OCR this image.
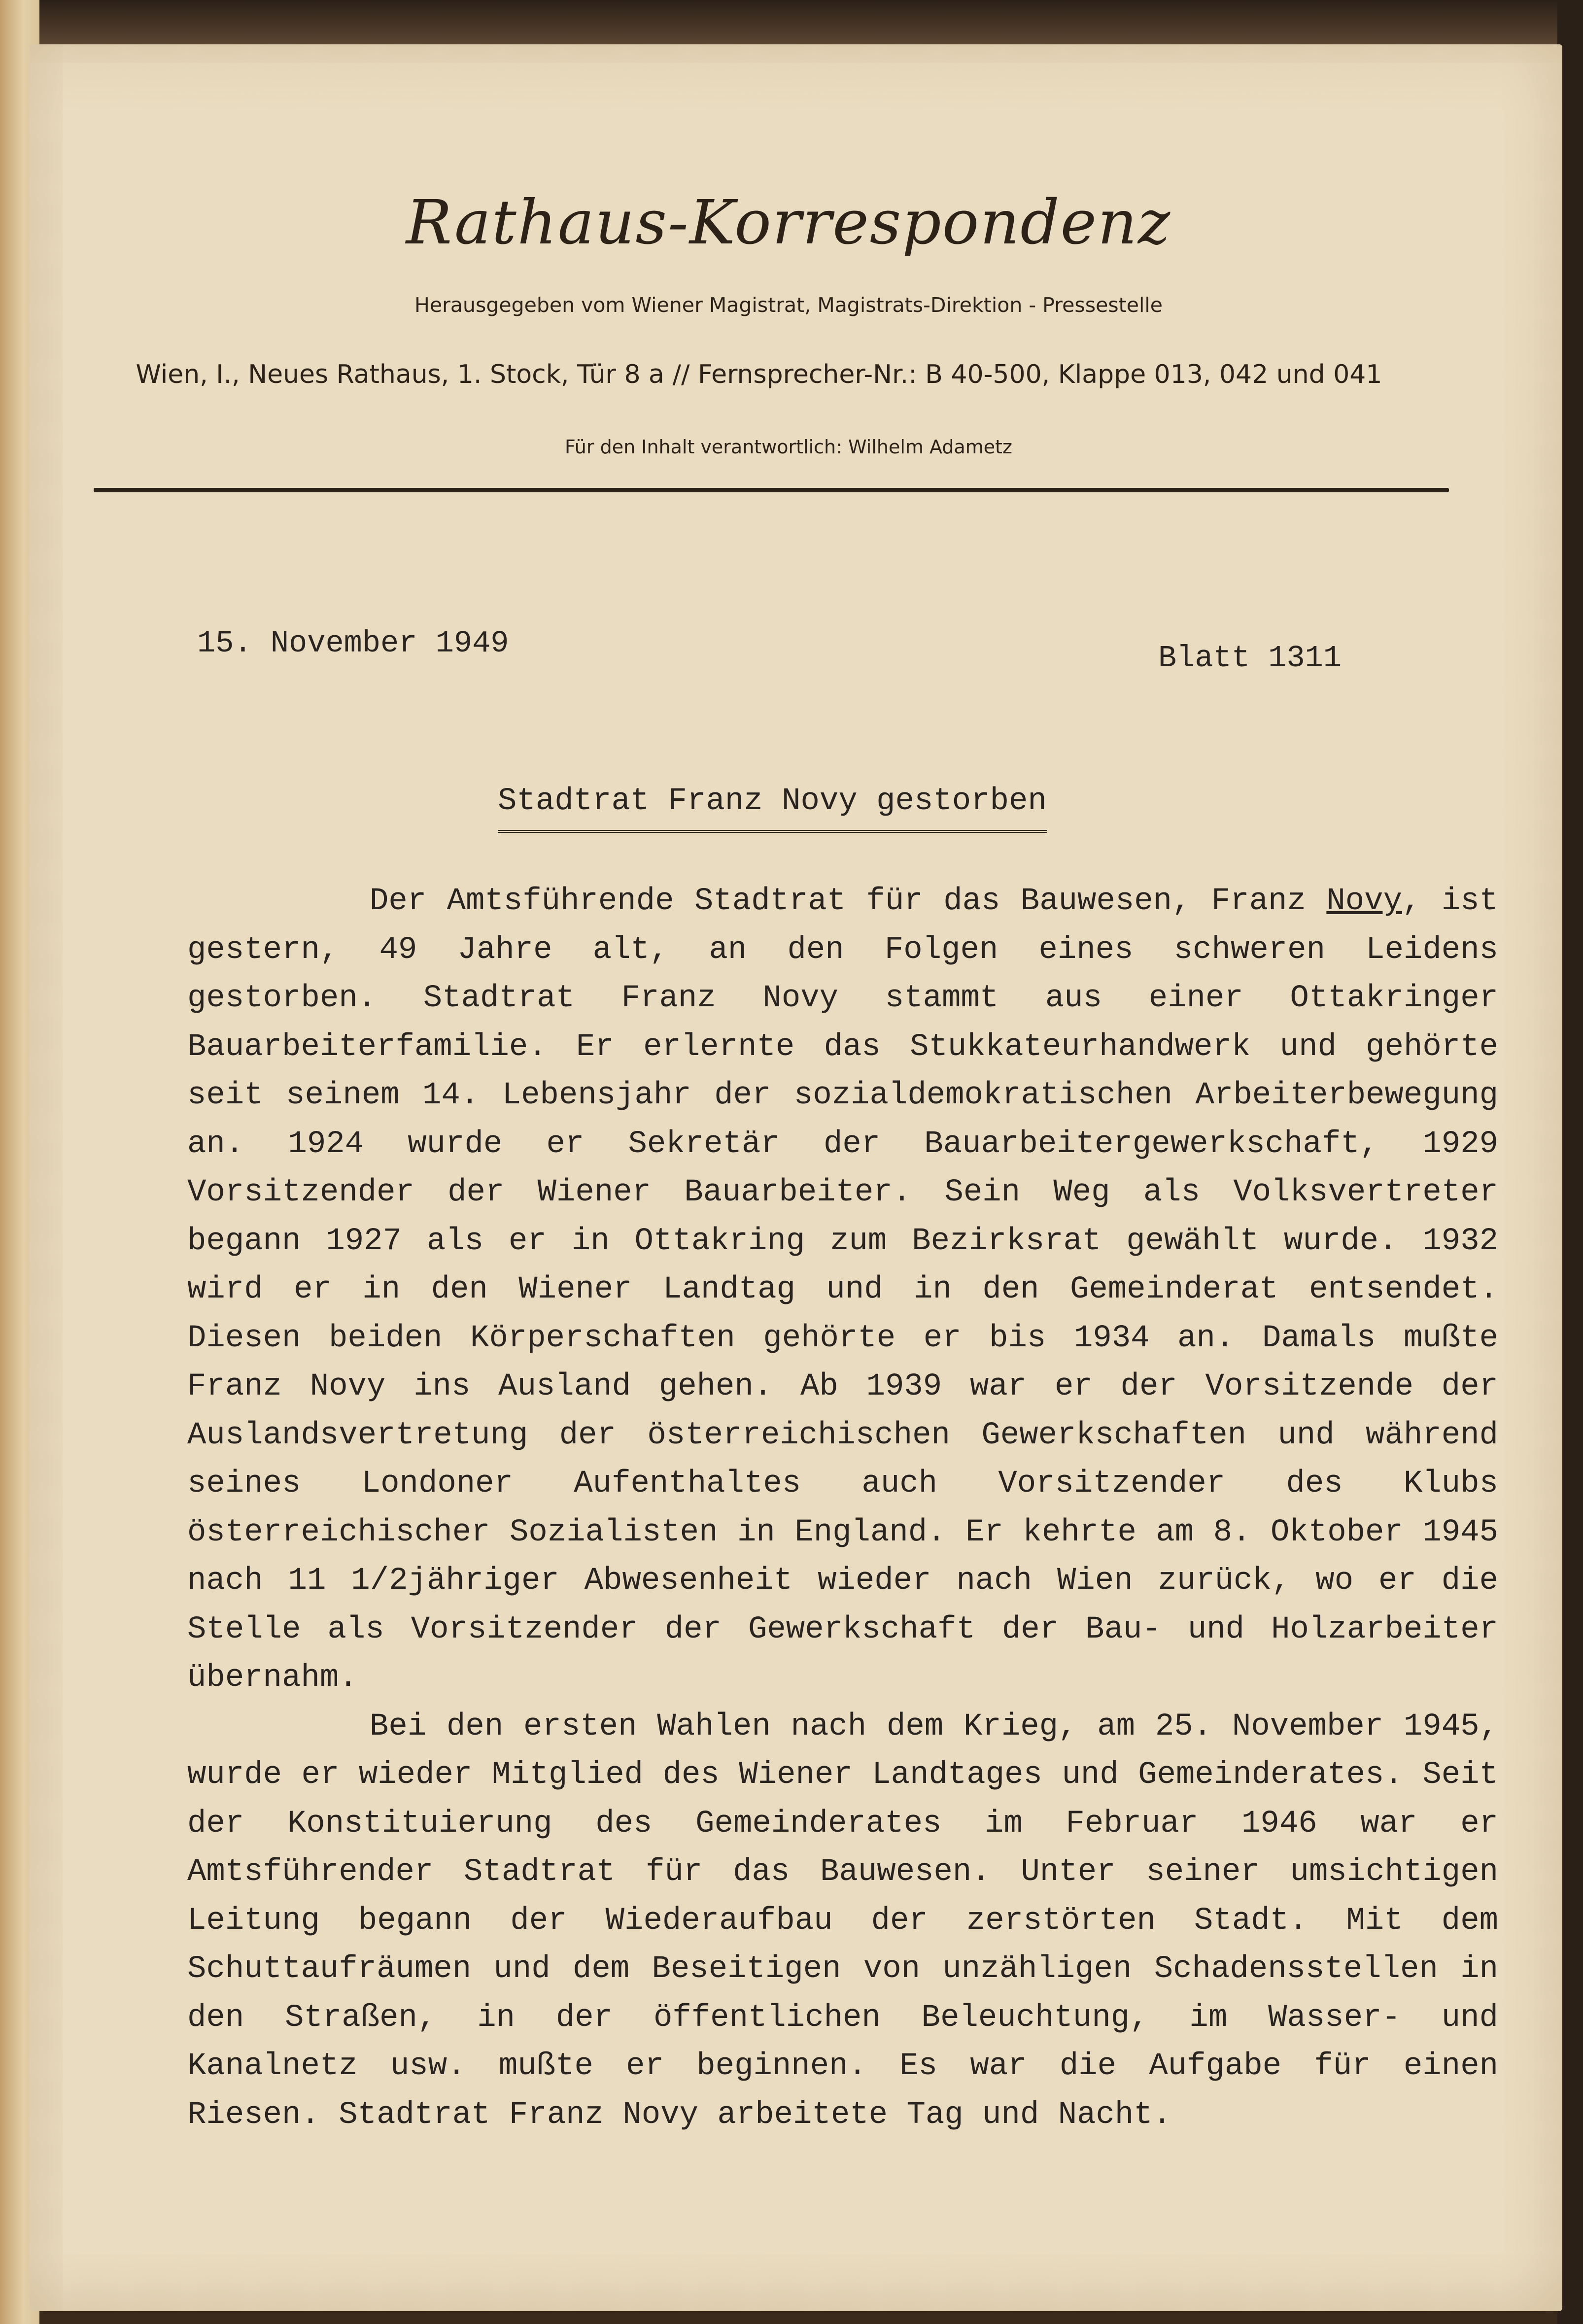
Rathaus-Korrespondenz
Herausgegeben vom Wiener Magistrat, Magistrats-Direktion - Pressestelle
Wien, I., Neues Rathaus, 1. Stock, Tür 8 a // Fernsprecher-Nr.: B 40-500, Klappe 013, 042 und 041
Für den Inhalt verantwortlich: Wilhelm Adametz
15. November 1949	Blatt 1311
Stadtrat Franz Novy gestorben

Der Amtsführende Stadtrat für das Bauwesen, Franz Novy, ist gestern, 49 Jahre alt, an den Folgen eines schweren Leidens gestorben. Stadtrat Franz Novy stammt aus einer Ottakringer Bauarbeiterfamilie. Er erlernte das Stukkateurhandwerk und gehörte seit seinem 14. Lebensjahr der sozialdemokratischen Arbeiterbewegung an. 1924 wurde er Sekretär der Bauarbeitergewerkschaft, 1929 Vorsitzender der Wiener Bauarbeiter. Sein Weg als Volksvertreter begann 1927 als er in Ottakring zum Bezirksrat gewählt wurde. 1932 wird er in den Wiener Landtag und in den Gemeinderat entsendet. Diesen beiden Körperschaften gehörte er bis 1934 an. Damals mußte Franz Novy ins Ausland gehen. Ab 1939 war er der Vorsitzende der Auslandsvertretung der österreichischen Gewerkschaften und während seines Londoner Aufenthaltes auch Vorsitzender des Klubs österreichischer Sozialisten in England. Er kehrte am 8. Oktober 1945 nach 11 1/2jähriger Abwesenheit wieder nach Wien zurück, wo er die Stelle als Vorsitzender der Gewerkschaft der Bau- und Holzarbeiter übernahm.

Bei den ersten Wahlen nach dem Krieg, am 25. November 1945, wurde er wieder Mitglied des Wiener Landtages und Gemeinderates. Seit der Konstituierung des Gemeinderates im Februar 1946 war er Amtsführender Stadtrat für das Bauwesen. Unter seiner umsichtigen Leitung begann der Wiederaufbau der zerstörten Stadt. Mit dem Schuttaufräumen und dem Beseitigen von unzähligen Schadensstellen in den Straßen, in der öffentlichen Beleuchtung, im Wasser- und Kanalnetz usw. mußte er beginnen. Es war die Aufgabe für einen Riesen. Stadtrat Franz Novy arbeitete Tag und Nacht.
